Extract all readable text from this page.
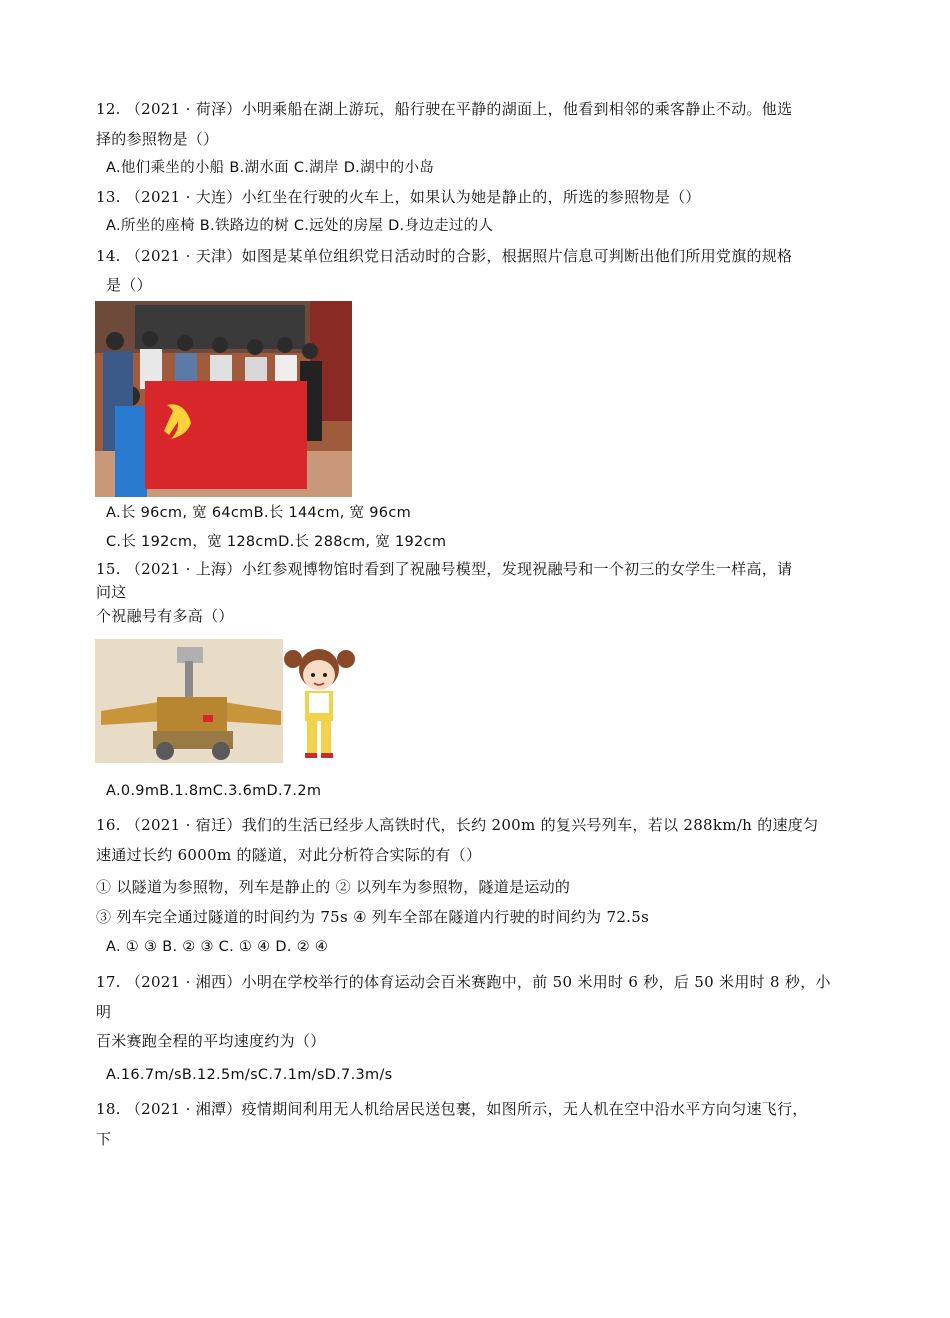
12. （2021 · 荷泽）小明乘船在湖上游玩，船行驶在平静的湖面上，他看到相邻的乘客静止不动。他选
择的参照物是（）
A.他们乘坐的小船 B.湖水面 C.湖岸 D.湖中的小岛
13. （2021 · 大连）小红坐在行驶的火车上，如果认为她是静止的，所选的参照物是（）
A.所坐的座椅 B.铁路边的树 C.远处的房屋 D.身边走过的人
14. （2021 · 天津）如图是某单位组织党日活动时的合影，根据照片信息可判断出他们所用党旗的规格
是（）
A.长 96cm, 宽 64cmB.长 144cm, 宽 96cm
C.长 192cm，宽 128cmD.长 288cm, 宽 192cm
15. （2021 · 上海）小红参观博物馆时看到了祝融号模型，发现祝融号和一个初三的女学生一样高，请
问这
个祝融号有多高（）
A.0.9mB.1.8mC.3.6mD.7.2m
16. （2021 · 宿迁）我们的生活已经步人高铁时代，长约 200m 的复兴号列车，若以 288km/h 的速度匀
速通过长约 6000m 的隧道，对此分析符合实际的有（）
① 以隧道为参照物，列车是静止的 ② 以列车为参照物，隧道是运动的
③ 列车完全通过隧道的时间约为 75s ④ 列车全部在隧道内行驶的时间约为 72.5s
A. ① ③ B. ② ③ C. ① ④ D. ② ④
17. （2021 · 湘西）小明在学校举行的体育运动会百米赛跑中，前 50 米用时 6 秒，后 50 米用时 8 秒，小
明
百米赛跑全程的平均速度约为（）
A.16.7m/sB.12.5m/sC.7.1m/sD.7.3m/s
18. （2021 · 湘潭）疫情期间利用无人机给居民送包裹，如图所示，无人机在空中沿水平方向匀速飞行，
下
